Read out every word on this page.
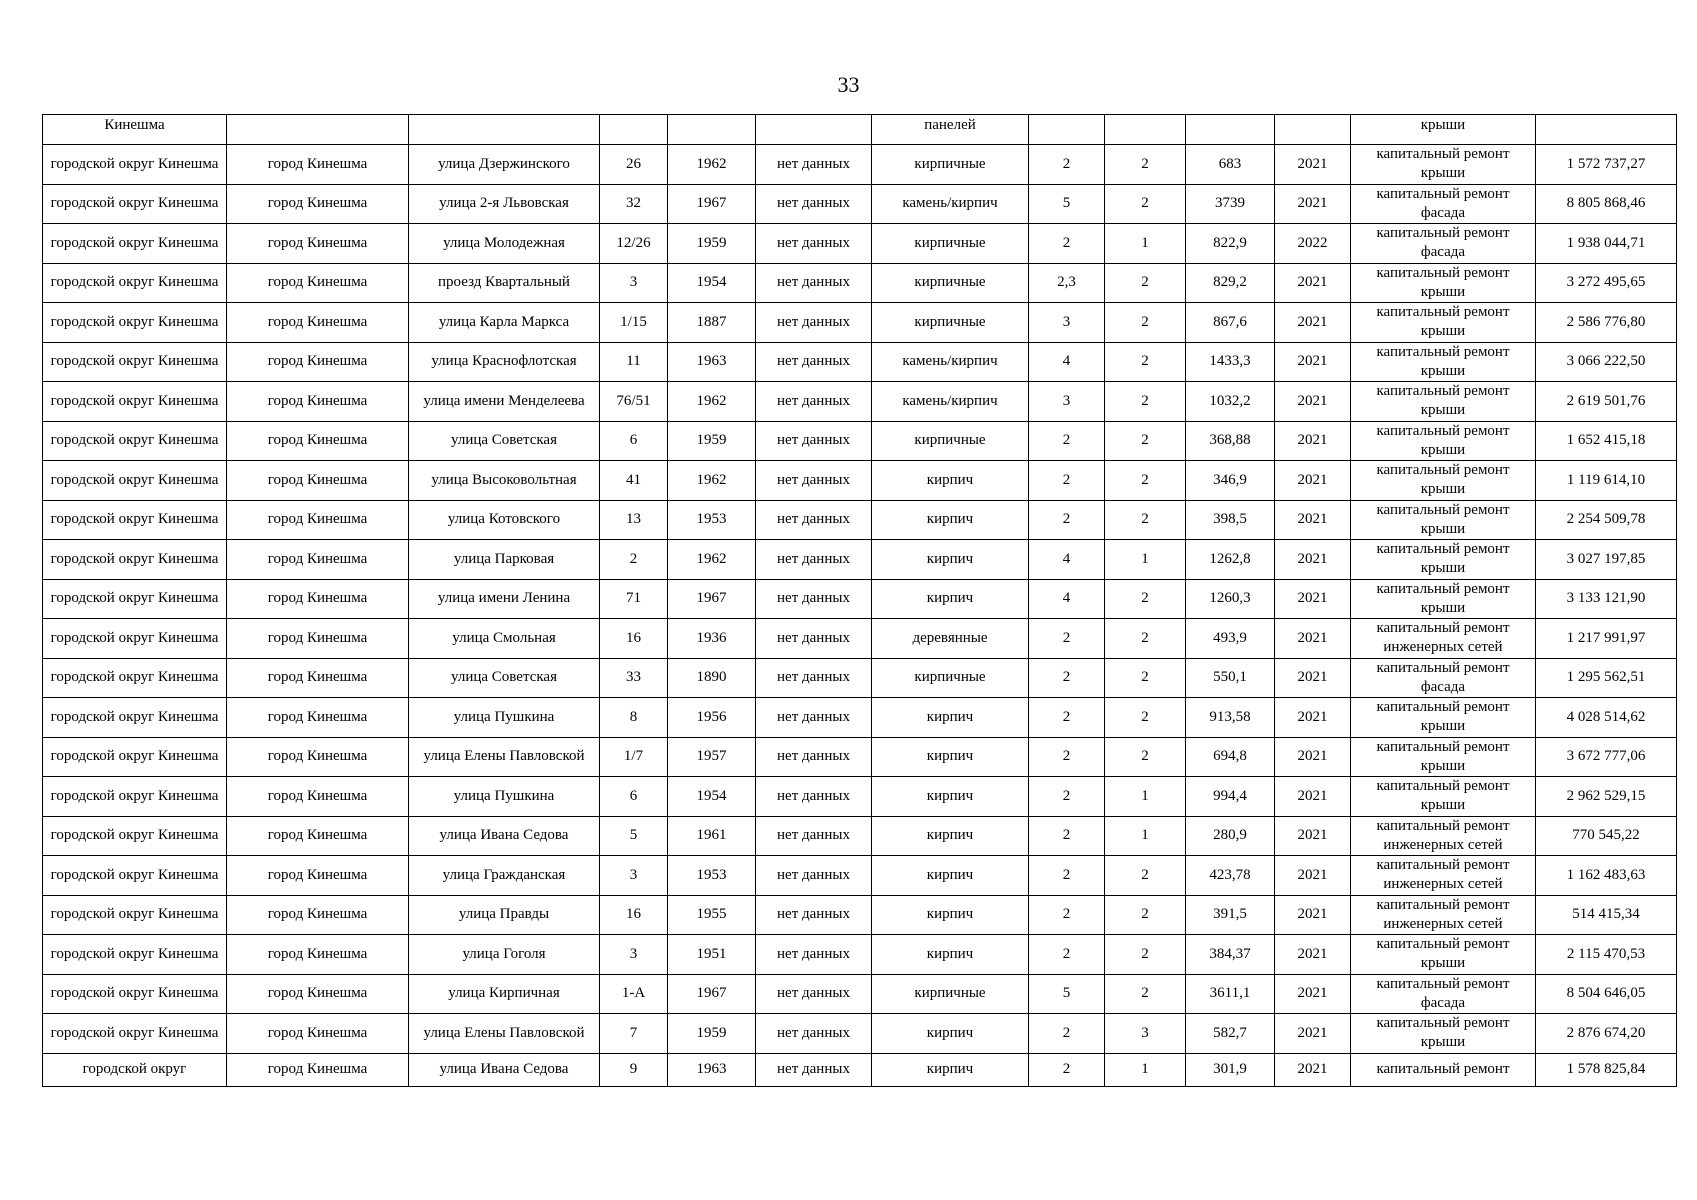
33
Кинешма						панелей					крыши	
городской округ Кинешма	город Кинешма	улица Дзержинского	26	1962	нет данных	кирпичные	2	2	683	2021	капитальный ремонт крыши	1 572 737,27
городской округ Кинешма	город Кинешма	улица 2-я Львовская	32	1967	нет данных	камень/кирпич	5	2	3739	2021	капитальный ремонт фасада	8 805 868,46
городской округ Кинешма	город Кинешма	улица Молодежная	12/26	1959	нет данных	кирпичные	2	1	822,9	2022	капитальный ремонт фасада	1 938 044,71
городской округ Кинешма	город Кинешма	проезд Квартальный	3	1954	нет данных	кирпичные	2,3	2	829,2	2021	капитальный ремонт крыши	3 272 495,65
городской округ Кинешма	город Кинешма	улица Карла Маркса	1/15	1887	нет данных	кирпичные	3	2	867,6	2021	капитальный ремонт крыши	2 586 776,80
городской округ Кинешма	город Кинешма	улица Краснофлотская	11	1963	нет данных	камень/кирпич	4	2	1433,3	2021	капитальный ремонт крыши	3 066 222,50
городской округ Кинешма	город Кинешма	улица имени Менделеева	76/51	1962	нет данных	камень/кирпич	3	2	1032,2	2021	капитальный ремонт крыши	2 619 501,76
городской округ Кинешма	город Кинешма	улица Советская	6	1959	нет данных	кирпичные	2	2	368,88	2021	капитальный ремонт крыши	1 652 415,18
городской округ Кинешма	город Кинешма	улица Высоковольтная	41	1962	нет данных	кирпич	2	2	346,9	2021	капитальный ремонт крыши	1 119 614,10
городской округ Кинешма	город Кинешма	улица Котовского	13	1953	нет данных	кирпич	2	2	398,5	2021	капитальный ремонт крыши	2 254 509,78
городской округ Кинешма	город Кинешма	улица Парковая	2	1962	нет данных	кирпич	4	1	1262,8	2021	капитальный ремонт крыши	3 027 197,85
городской округ Кинешма	город Кинешма	улица имени Ленина	71	1967	нет данных	кирпич	4	2	1260,3	2021	капитальный ремонт крыши	3 133 121,90
городской округ Кинешма	город Кинешма	улица Смольная	16	1936	нет данных	деревянные	2	2	493,9	2021	капитальный ремонт инженерных сетей	1 217 991,97
городской округ Кинешма	город Кинешма	улица Советская	33	1890	нет данных	кирпичные	2	2	550,1	2021	капитальный ремонт фасада	1 295 562,51
городской округ Кинешма	город Кинешма	улица Пушкина	8	1956	нет данных	кирпич	2	2	913,58	2021	капитальный ремонт крыши	4 028 514,62
городской округ Кинешма	город Кинешма	улица Елены Павловской	1/7	1957	нет данных	кирпич	2	2	694,8	2021	капитальный ремонт крыши	3 672 777,06
городской округ Кинешма	город Кинешма	улица Пушкина	6	1954	нет данных	кирпич	2	1	994,4	2021	капитальный ремонт крыши	2 962 529,15
городской округ Кинешма	город Кинешма	улица Ивана Седова	5	1961	нет данных	кирпич	2	1	280,9	2021	капитальный ремонт инженерных сетей	770 545,22
городской округ Кинешма	город Кинешма	улица Гражданская	3	1953	нет данных	кирпич	2	2	423,78	2021	капитальный ремонт инженерных сетей	1 162 483,63
городской округ Кинешма	город Кинешма	улица Правды	16	1955	нет данных	кирпич	2	2	391,5	2021	капитальный ремонт инженерных сетей	514 415,34
городской округ Кинешма	город Кинешма	улица Гоголя	3	1951	нет данных	кирпич	2	2	384,37	2021	капитальный ремонт крыши	2 115 470,53
городской округ Кинешма	город Кинешма	улица Кирпичная	1-А	1967	нет данных	кирпичные	5	2	3611,1	2021	капитальный ремонт фасада	8 504 646,05
городской округ Кинешма	город Кинешма	улица Елены Павловской	7	1959	нет данных	кирпич	2	3	582,7	2021	капитальный ремонт крыши	2 876 674,20
городской округ	город Кинешма	улица Ивана Седова	9	1963	нет данных	кирпич	2	1	301,9	2021	капитальный ремонт	1 578 825,84
